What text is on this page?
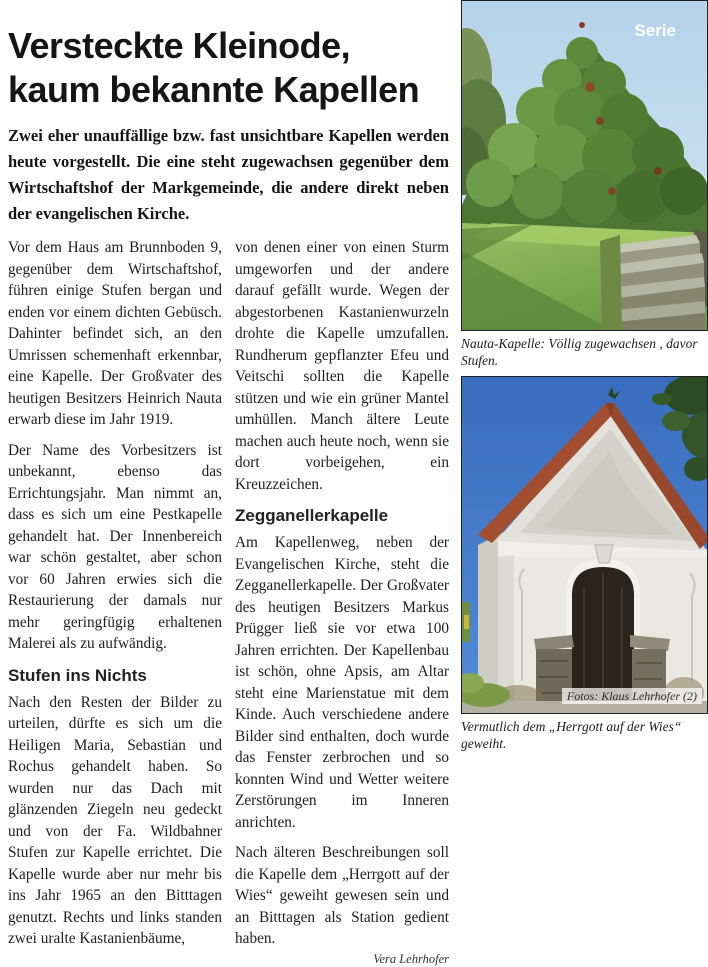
Versteckte Kleinode,
kaum bekannte Kapellen

Zwei eher unauffällige bzw. fast unsichtbare Kapellen werden heute vorgestellt. Die eine steht zugewachsen gegenüber dem Wirtschaftshof der Markgemeinde, die andere direkt neben der evangelischen Kirche.

Vor dem Haus am Brunnboden 9, gegenüber dem Wirtschaftshof, führen einige Stufen bergan und enden vor einem dichten Gebüsch. Dahinter befindet sich, an den Umrissen schemenhaft erkennbar, eine Kapelle. Der Großvater des heutigen Besitzers Heinrich Nauta erwarb diese im Jahr 1919.

Der Name des Vorbesitzers ist unbekannt, ebenso das Errichtungsjahr. Man nimmt an, dass es sich um eine Pestkapelle gehandelt hat. Der Innenbereich war schön gestaltet, aber schon vor 60 Jahren erwies sich die Restaurierung der damals nur mehr geringfügig erhaltenen Malerei als zu aufwändig.

Stufen ins Nichts

Nach den Resten der Bilder zu urteilen, dürfte es sich um die Heiligen Maria, Sebastian und Rochus gehandelt haben. So wurden nur das Dach mit glänzenden Ziegeln neu gedeckt und von der Fa. Wildbahner Stufen zur Kapelle errichtet. Die Kapelle wurde aber nur mehr bis ins Jahr 1965 an den Bitttagen genutzt. Rechts und links standen zwei uralte Kastanienbäume,

von denen einer von einen Sturm umgeworfen und der andere darauf gefällt wurde. Wegen der abgestorbenen Kastanienwurzeln drohte die Kapelle umzufallen. Rundherum gepflanzter Efeu und Veitschi sollten die Kapelle stützen und wie ein grüner Mantel umhüllen. Manch ältere Leute machen auch heute noch, wenn sie dort vorbeigehen, ein Kreuzzeichen.

Zegganellerkapelle

Am Kapellenweg, neben der Evangelischen Kirche, steht die Zegganellerkapelle. Der Großvater des heutigen Besitzers Markus Prügger ließ sie vor etwa 100 Jahren errichten. Der Kapellenbau ist schön, ohne Apsis, am Altar steht eine Marienstatue mit dem Kinde. Auch verschiedene andere Bilder sind enthalten, doch wurde das Fenster zerbrochen und so konnten Wind und Wetter weitere Zerstörungen im Inneren anrichten.

Nach älteren Beschreibungen soll die Kapelle dem „Herrgott auf der Wies“ geweiht gewesen sein und an Bitttagen als Station gedient haben.

Vera Lehrhofer

Serie
Nauta-Kapelle: Völlig zugewachsen , davor Stufen.
Fotos: Klaus Lehrhofer (2)
Vermutlich dem „Herrgott auf der Wies“ geweiht.
